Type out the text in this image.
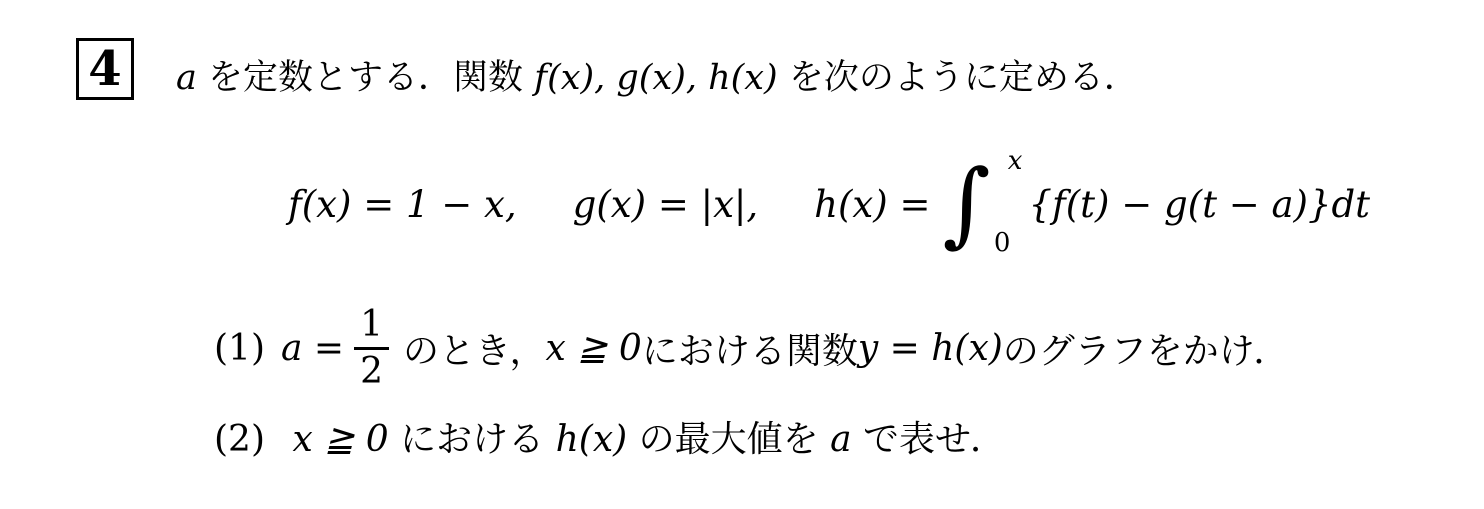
4 a を定数とする．関数 f(x), g(x), h(x) を次のように定める．
f(x) = 1 − x, g(x) = |x|, h(x) = ∫ x
0
{f(t) − g(t − a)}dt
(1) $a = \frac{1}{2}$ のとき， x ≧ 0 における関数 y = h(x) のグラフをかけ．
(2) x ≧ 0 における h(x) の最大値を a で表せ．
